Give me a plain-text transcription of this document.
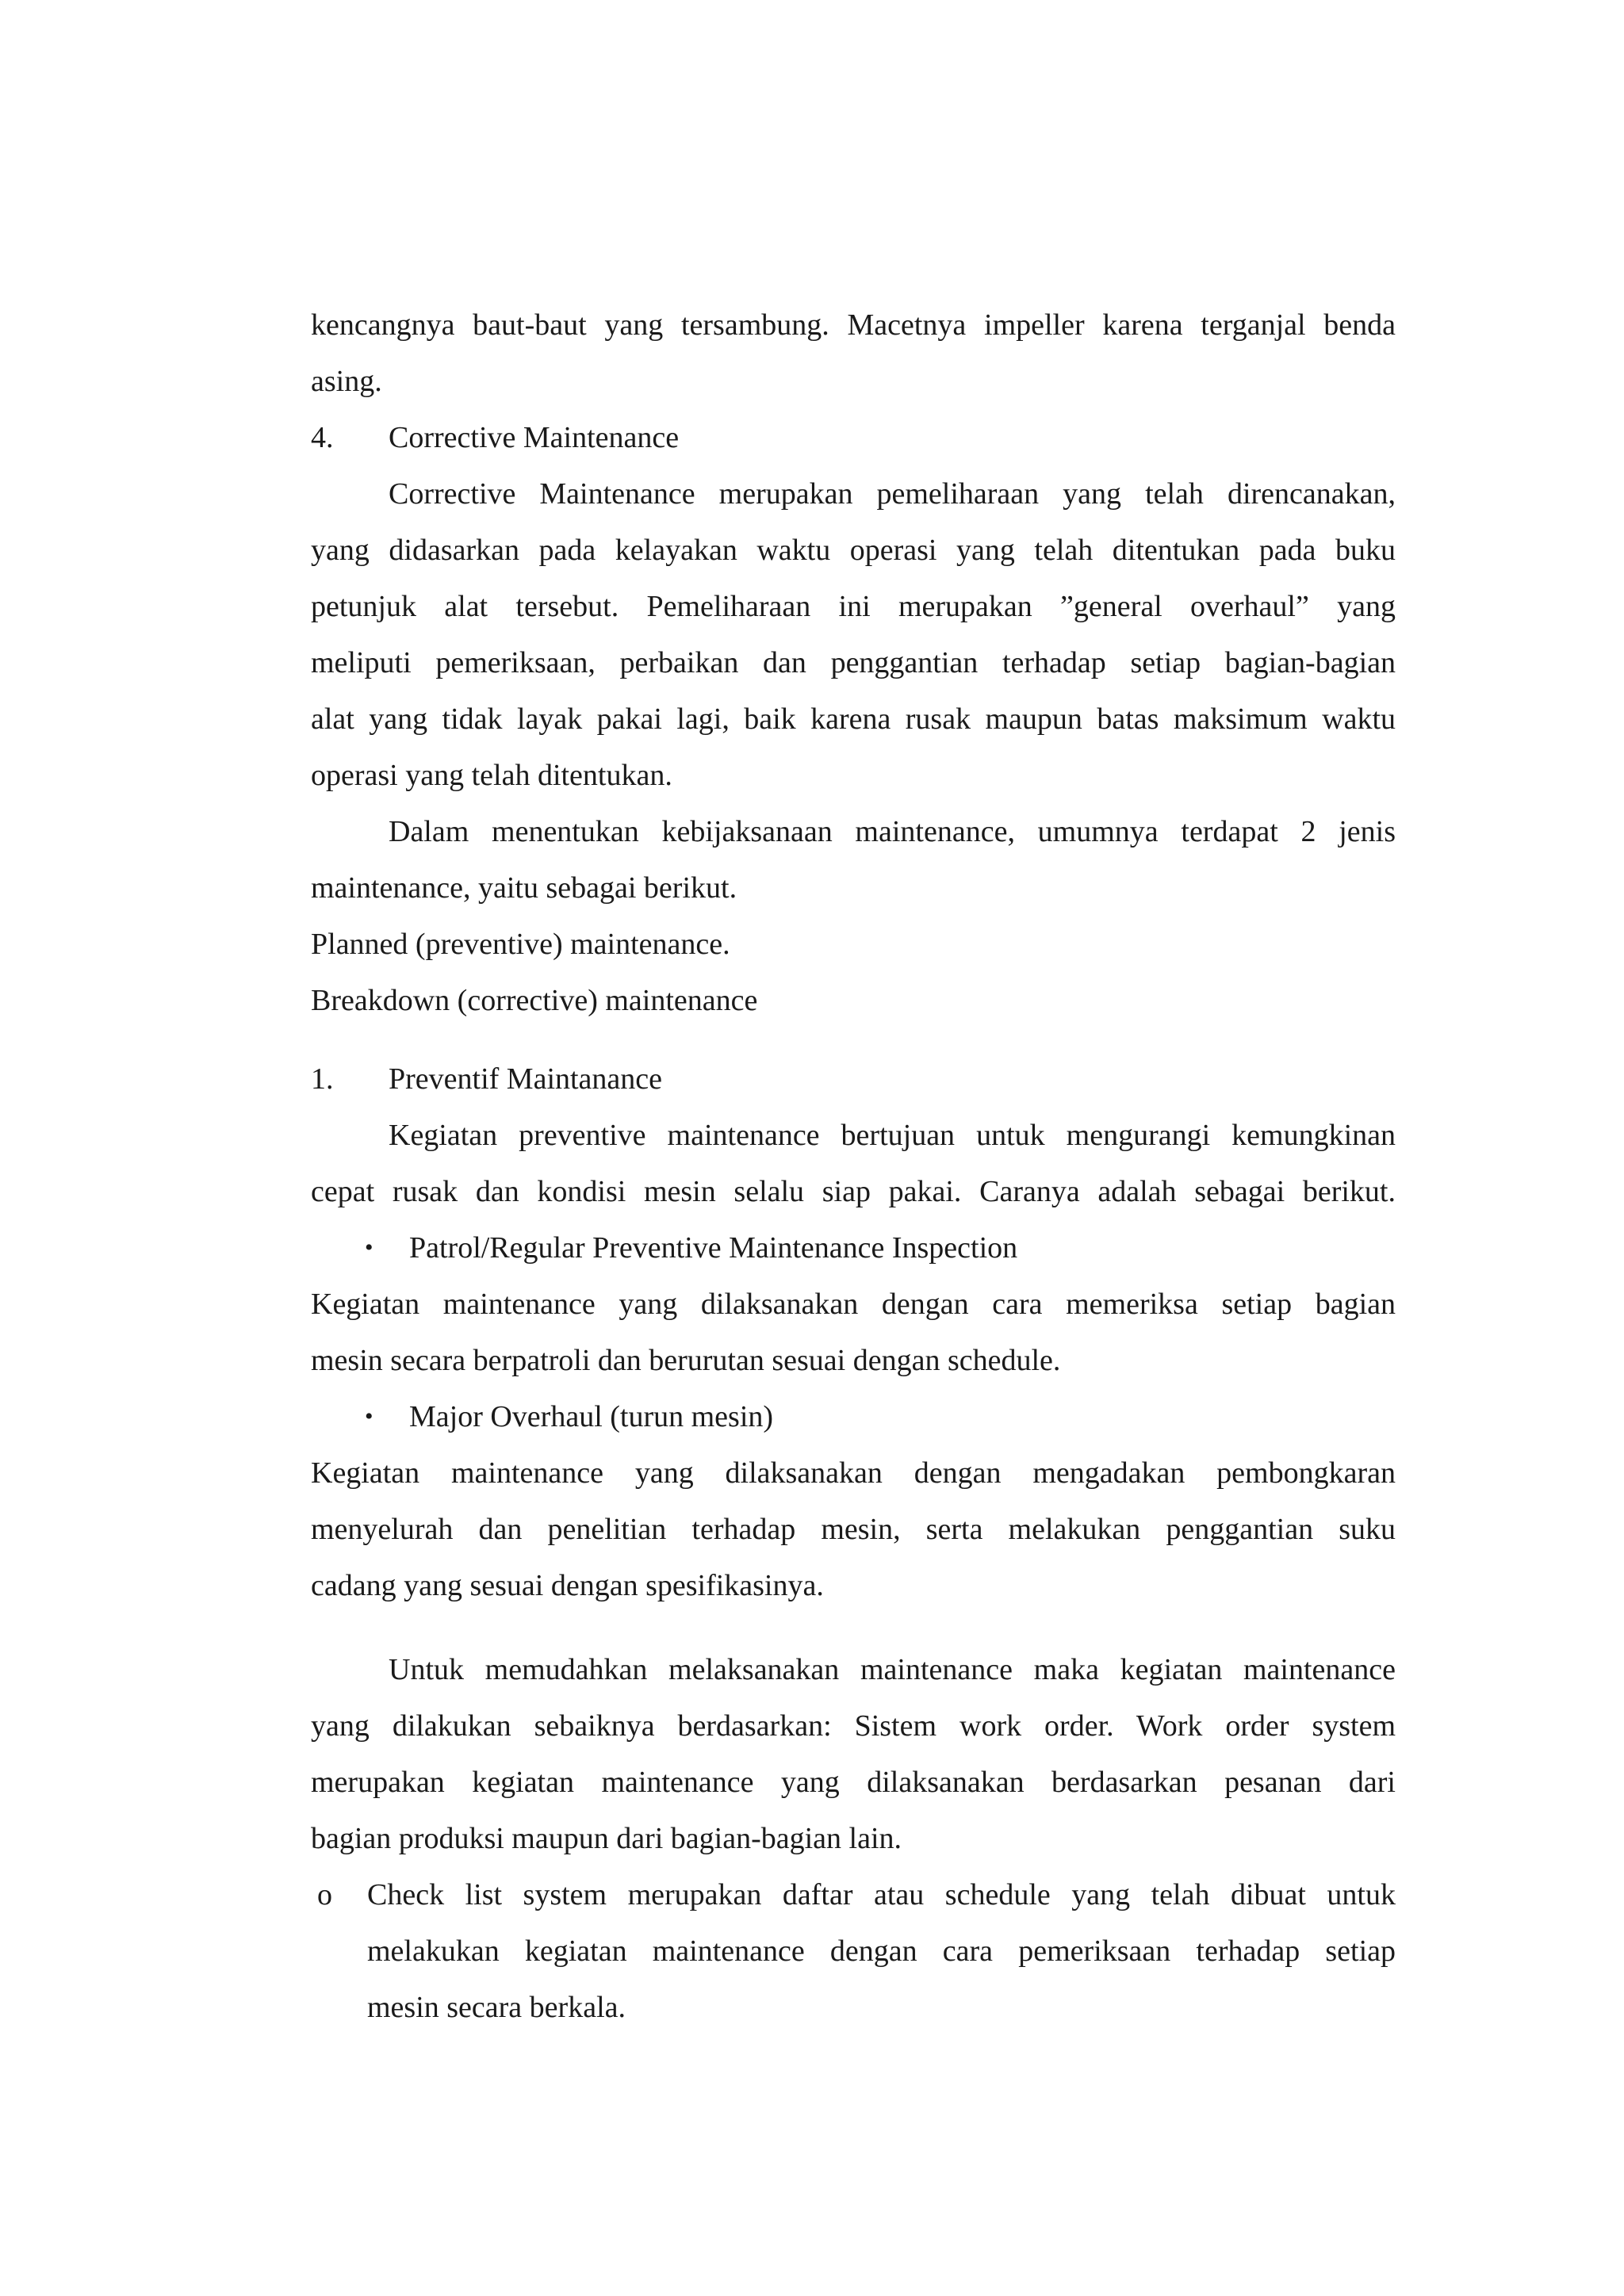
kencangnya baut-baut yang tersambung. Macetnya impeller karena terganjal benda
asing.
4.	Corrective Maintenance
Corrective Maintenance merupakan pemeliharaan yang telah direncanakan,
yang didasarkan pada kelayakan waktu operasi yang telah ditentukan pada buku
petunjuk alat tersebut. Pemeliharaan ini merupakan ”general overhaul” yang
meliputi pemeriksaan, perbaikan dan penggantian terhadap setiap bagian-bagian
alat yang tidak layak pakai lagi, baik karena rusak maupun batas maksimum waktu
operasi yang telah ditentukan.
Dalam menentukan kebijaksanaan maintenance, umumnya terdapat 2 jenis
maintenance, yaitu sebagai berikut.
Planned (preventive) maintenance.
Breakdown (corrective) maintenance
1.	Preventif Maintanance
Kegiatan preventive maintenance bertujuan untuk mengurangi kemungkinan
cepat rusak dan kondisi mesin selalu siap pakai. Caranya adalah sebagai berikut.
•	Patrol/Regular Preventive Maintenance Inspection
Kegiatan maintenance yang dilaksanakan dengan cara memeriksa setiap bagian
mesin secara berpatroli dan berurutan sesuai dengan schedule.
•	Major Overhaul (turun mesin)
Kegiatan maintenance yang dilaksanakan dengan mengadakan pembongkaran
menyelurah dan penelitian terhadap mesin, serta melakukan penggantian suku
cadang yang sesuai dengan spesifikasinya.
Untuk memudahkan melaksanakan maintenance maka kegiatan maintenance
yang dilakukan sebaiknya berdasarkan: Sistem work order. Work order system
merupakan kegiatan maintenance yang dilaksanakan berdasarkan pesanan dari
bagian produksi maupun dari bagian-bagian lain.
o	Check list system merupakan daftar atau schedule yang telah dibuat untuk
melakukan kegiatan maintenance dengan cara pemeriksaan terhadap setiap
mesin secara berkala.
